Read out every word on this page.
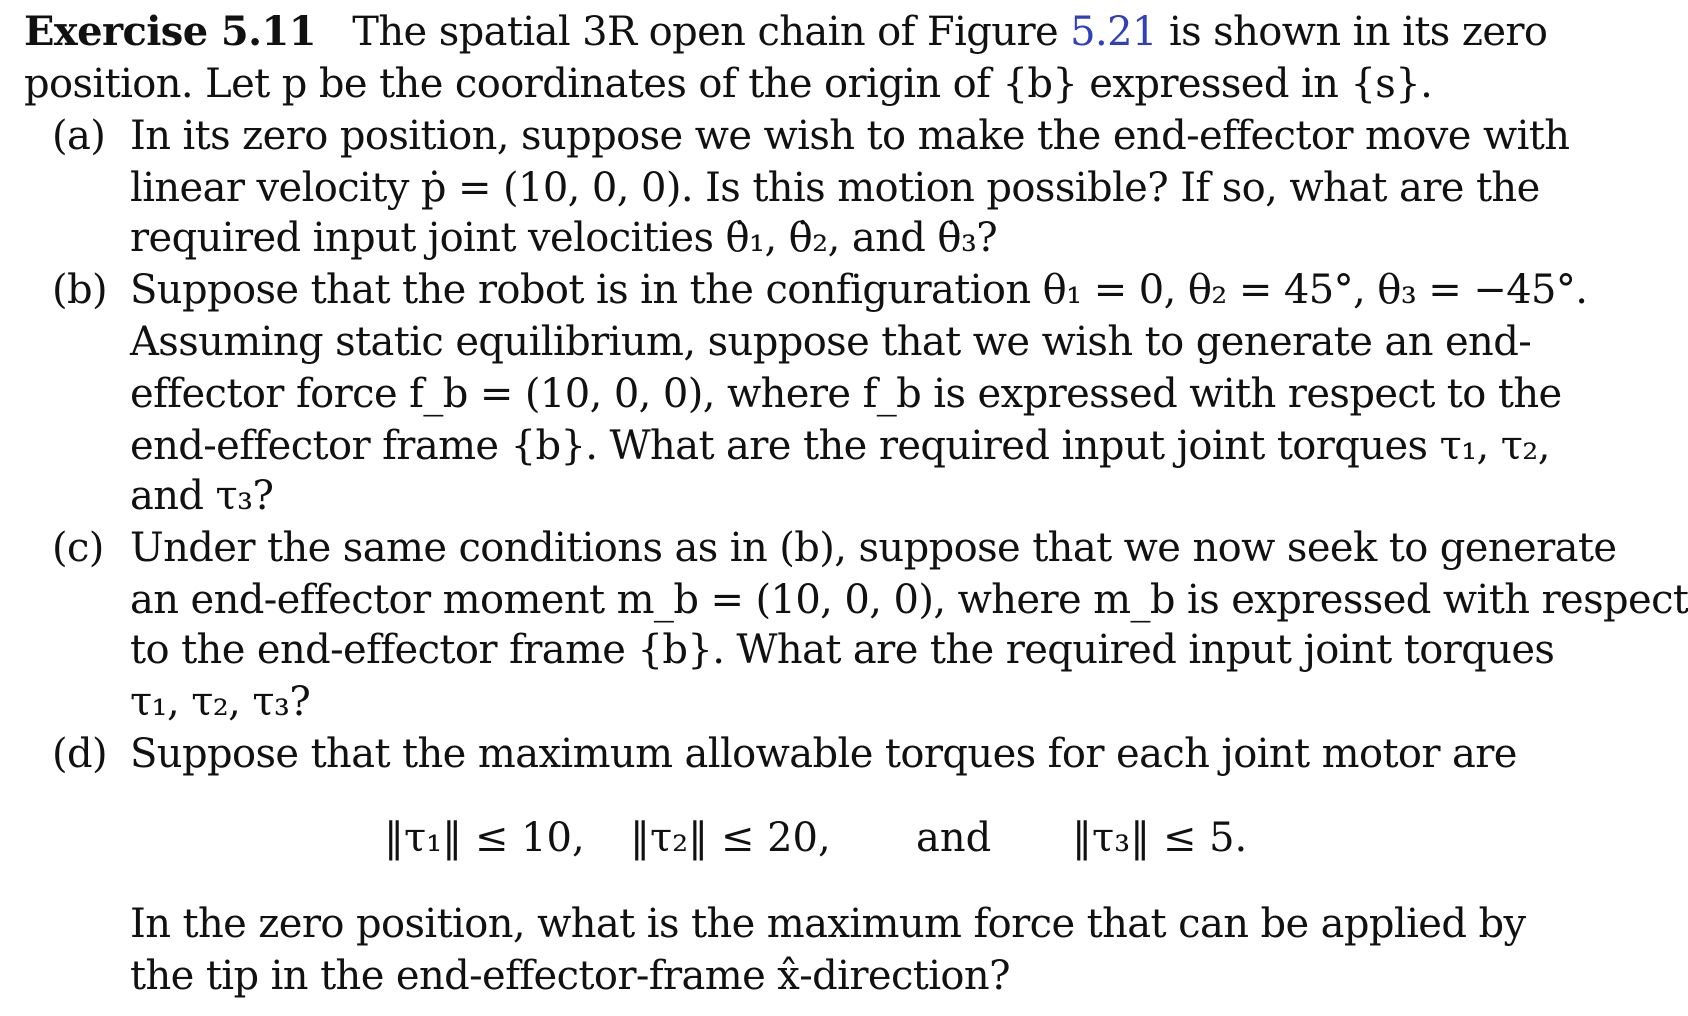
Exercise 5.11 The spatial 3R open chain of Figure 5.21 is shown in its zero
position. Let p be the coordinates of the origin of {b} expressed in {s}.
(a) In its zero position, suppose we wish to make the end-effector move with
linear velocity ṗ = (10, 0, 0). Is this motion possible? If so, what are the
required input joint velocities θ̇₁, θ̇₂, and θ̇₃?
(b) Suppose that the robot is in the configuration θ₁ = 0, θ₂ = 45°, θ₃ = −45°.
Assuming static equilibrium, suppose that we wish to generate an end-
effector force f_b = (10, 0, 0), where f_b is expressed with respect to the
end-effector frame {b}. What are the required input joint torques τ₁, τ₂,
and τ₃?
(c) Under the same conditions as in (b), suppose that we now seek to generate
an end-effector moment m_b = (10, 0, 0), where m_b is expressed with respect
to the end-effector frame {b}. What are the required input joint torques
τ₁, τ₂, τ₃?
(d) Suppose that the maximum allowable torques for each joint motor are
‖τ₁‖ ≤ 10, ‖τ₂‖ ≤ 20, and ‖τ₃‖ ≤ 5.
In the zero position, what is the maximum force that can be applied by
the tip in the end-effector-frame x̂-direction?
